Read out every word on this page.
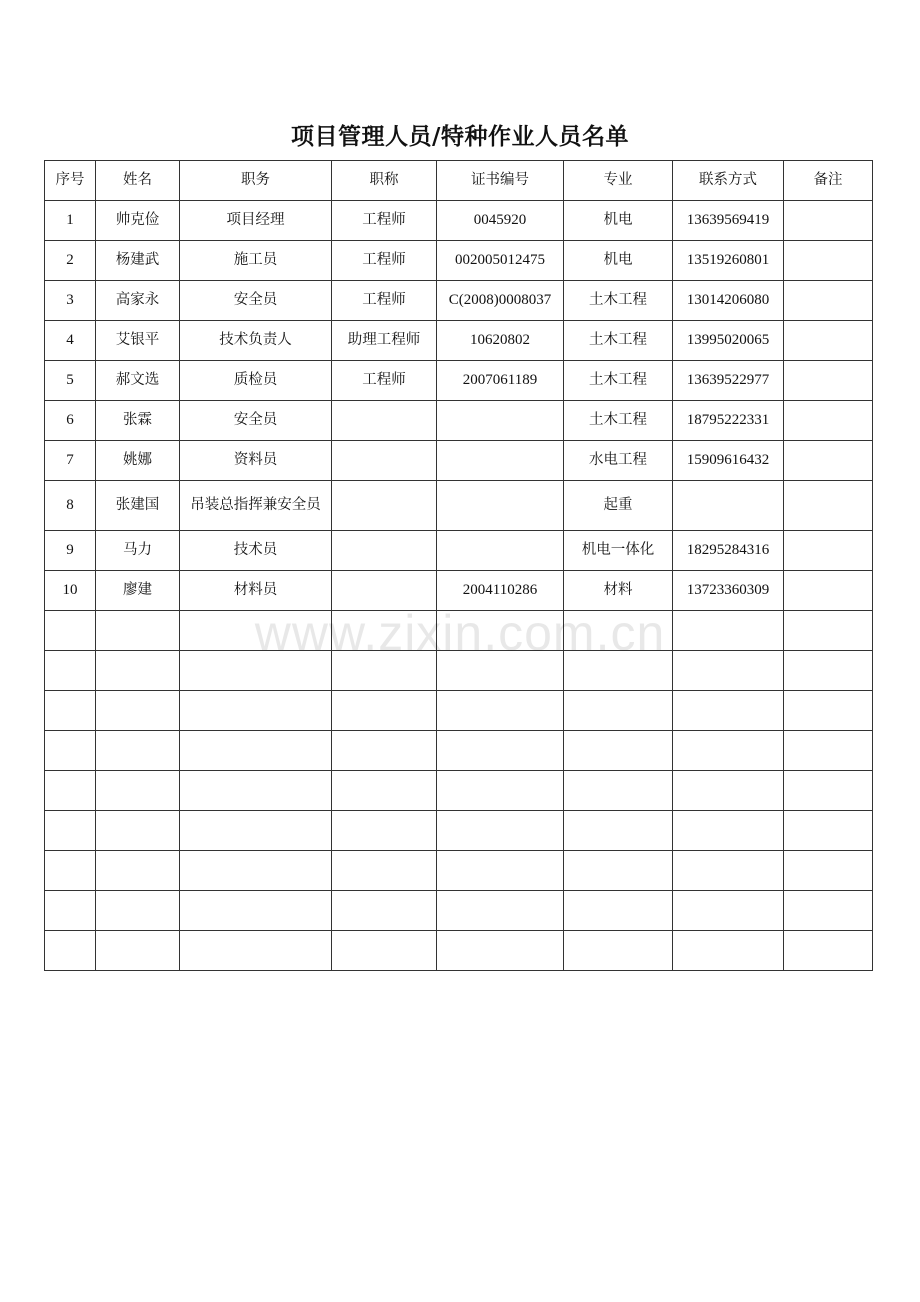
项目管理人员/特种作业人员名单
序号	姓名	职务	职称	证书编号	专业	联系方式	备注
1	帅克俭	项目经理	工程师	0045920	机电	13639569419	
2	杨建武	施工员	工程师	002005012475	机电	13519260801	
3	高家永	安全员	工程师	C(2008)0008037	土木工程	13014206080	
4	艾银平	技术负责人	助理工程师	10620802	土木工程	13995020065	
5	郝文选	质检员	工程师	2007061189	土木工程	13639522977	
6	张霖	安全员			土木工程	18795222331	
7	姚娜	资料员			水电工程	15909616432	
8	张建国	吊装总指挥兼安全员			起重		
9	马力	技术员			机电一体化	18295284316	
10	廖建	材料员		2004110286	材料	13723360309	

www.zixin.com.cn
